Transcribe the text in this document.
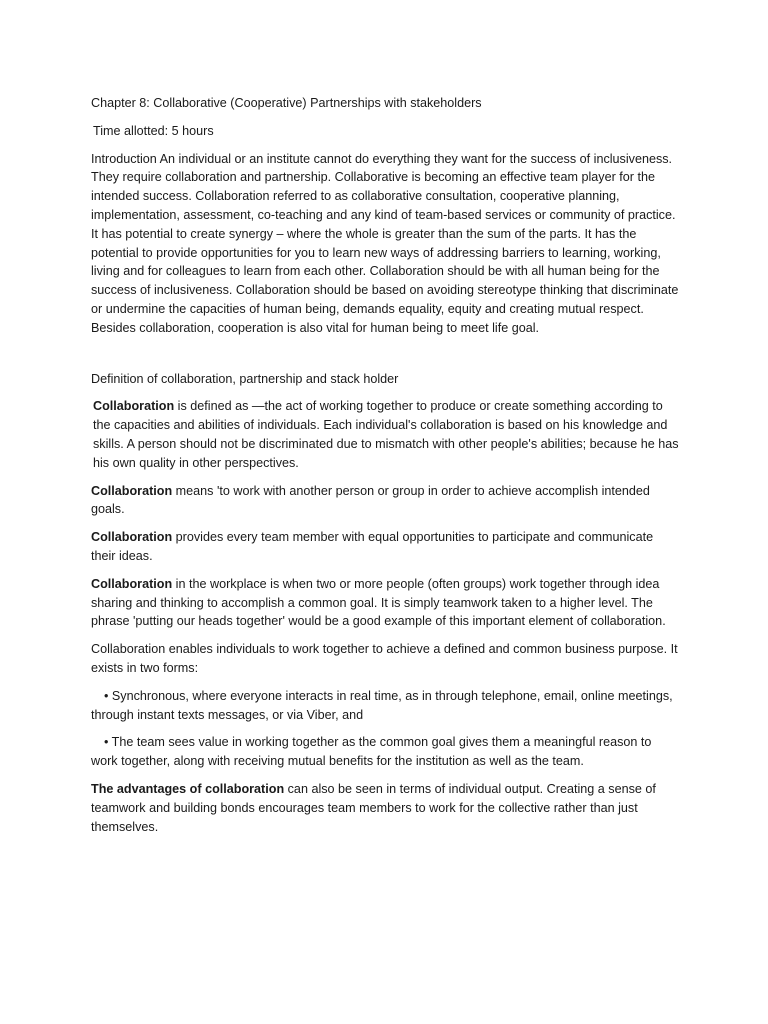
Chapter 8: Collaborative (Cooperative) Partnerships with stakeholders

Time allotted: 5 hours

Introduction An individual or an institute cannot do everything they want for the success of inclusiveness. They require collaboration and partnership. Collaborative is becoming an effective team player for the intended success. Collaboration referred to as collaborative consultation, cooperative planning, implementation, assessment, co-teaching and any kind of team-based services or community of practice. It has potential to create synergy – where the whole is greater than the sum of the parts. It has the potential to provide opportunities for you to learn new ways of addressing barriers to learning, working, living and for colleagues to learn from each other. Collaboration should be with all human being for the success of inclusiveness. Collaboration should be based on avoiding stereotype thinking that discriminate or undermine the capacities of human being, demands equality, equity and creating mutual respect. Besides collaboration, cooperation is also vital for human being to meet life goal.

Definition of collaboration, partnership and stack holder

Collaboration is defined as ―the act of working together to produce or create something according to the capacities and abilities of individuals. Each individual's collaboration is based on his knowledge and skills. A person should not be discriminated due to mismatch with other people's abilities; because he has his own quality in other perspectives.

Collaboration means 'to work with another person or group in order to achieve accomplish intended goals.

Collaboration provides every team member with equal opportunities to participate and communicate their ideas.

Collaboration in the workplace is when two or more people (often groups) work together through idea sharing and thinking to accomplish a common goal. It is simply teamwork taken to a higher level. The phrase 'putting our heads together' would be a good example of this important element of collaboration.

Collaboration enables individuals to work together to achieve a defined and common business purpose. It exists in two forms:

• Synchronous, where everyone interacts in real time, as in through telephone, email, online meetings, through instant texts messages, or via Viber, and

• The team sees value in working together as the common goal gives them a meaningful reason to work together, along with receiving mutual benefits for the institution as well as the team.

The advantages of collaboration can also be seen in terms of individual output. Creating a sense of teamwork and building bonds encourages team members to work for the collective rather than just themselves.
